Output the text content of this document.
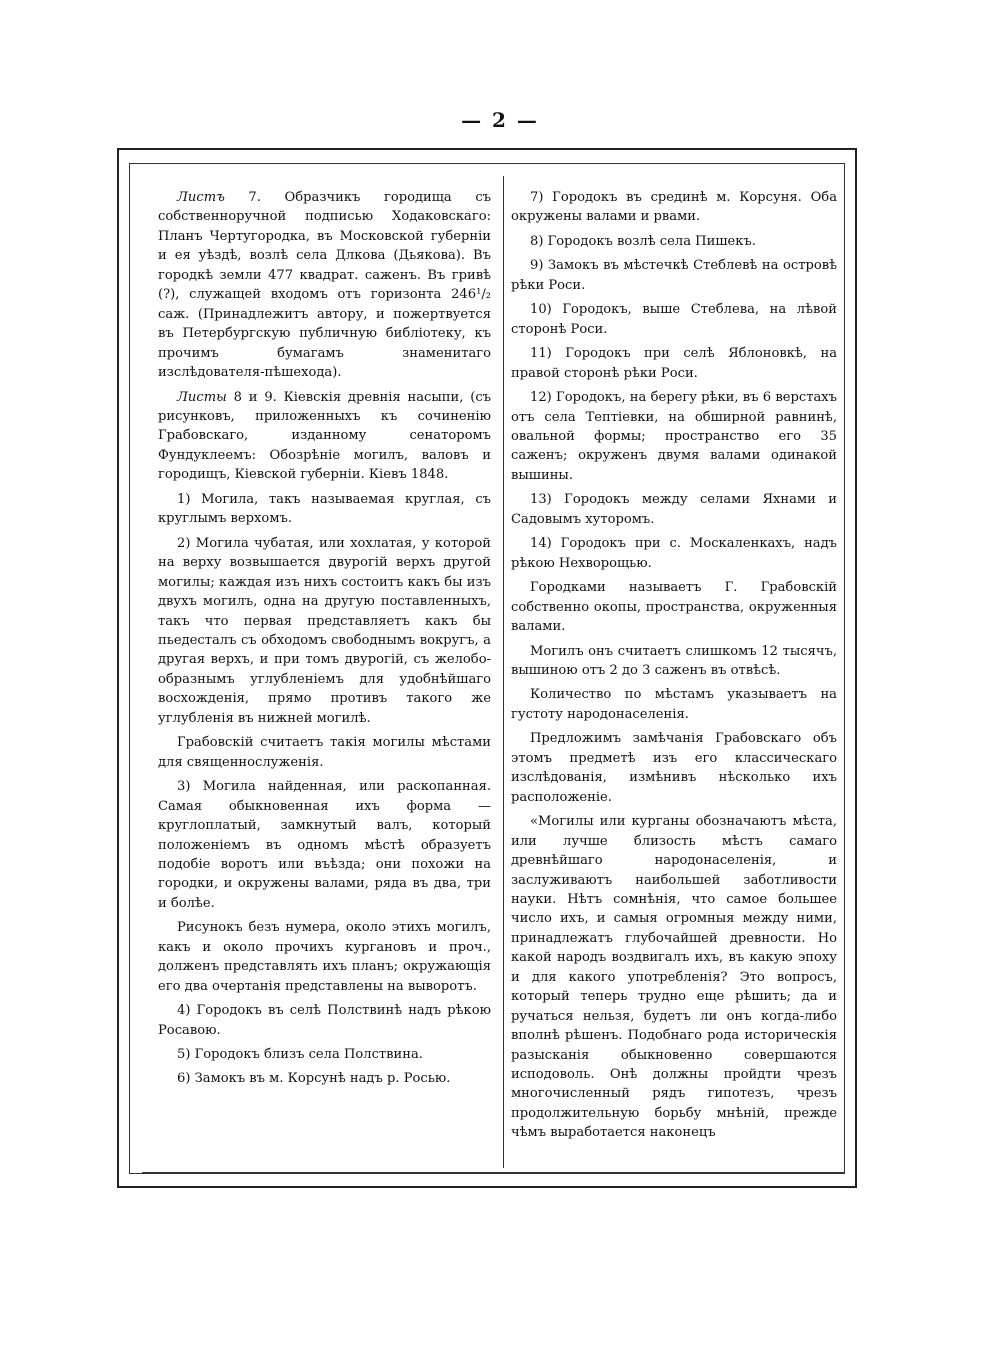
— 2 —

Листъ 7. Образчикъ городища съ собственноручной подписью Ходаковскаго: Планъ Чертугородка, въ Московской губерніи и ея уѣздѣ, возлѣ села Длкова (Дьякова). Въ городкѣ земли 477 квадрат. саженъ. Въ гривѣ (?), служащей входомъ отъ горизонта 246¹/₂ саж. (Принадлежитъ автору, и пожертвуется въ Петербургскую публичную библіотеку, къ прочимъ бумагамъ знаменитаго изслѣдователя-пѣшехода).

Листы 8 и 9. Кіевскія древнія насыпи, (съ рисунковъ, приложенныхъ къ сочиненію Грабовскаго, изданному сенаторомъ Фундуклеемъ: Обозрѣніе могилъ, валовъ и городищъ, Кіевской губерніи. Кіевъ 1848.

1) Могила, такъ называемая круглая, съ круглымъ верхомъ.

2) Могила чубатая, или хохлатая, у которой на верху возвышается двурогій верхъ другой могилы; каждая изъ нихъ состоитъ какъ бы изъ двухъ могилъ, одна на другую поставленныхъ, такъ что первая представляетъ какъ бы пьедесталъ съ обходомъ свободнымъ вокругъ, а другая верхъ, и при томъ двурогій, съ желобо-образнымъ углубленіемъ для удобнѣйшаго восхожденія, прямо противъ такого же углубленія въ нижней могилѣ.

Грабовскій считаетъ такія могилы мѣстами для священнослуженія.

3) Могила найденная, или раскопанная. Самая обыкновенная ихъ форма — круглоплатый, замкнутый валъ, который положеніемъ въ одномъ мѣстѣ образуетъ подобіе воротъ или въѣзда; они похожи на городки, и окружены валами, ряда въ два, три и болѣе.

Рисунокъ безъ нумера, около этихъ могилъ, какъ и около прочихъ кургановъ и проч., долженъ представлять ихъ планъ; окружающія его два очертанія представлены на выворотъ.

4) Городокъ въ селѣ Полствинѣ надъ рѣкою Росавою.

5) Городокъ близъ села Полствина.

6) Замокъ въ м. Корсунѣ надъ р. Росью.

7) Городокъ въ срединѣ м. Корсуня. Оба окружены валами и рвами.

8) Городокъ возлѣ села Пишекъ.

9) Замокъ въ мѣстечкѣ Стеблевѣ на островѣ рѣки Роси.

10) Городокъ, выше Стеблева, на лѣвой сторонѣ Роси.

11) Городокъ при селѣ Яблоновкѣ, на правой сторонѣ рѣки Роси.

12) Городокъ, на берегу рѣки, въ 6 верстахъ отъ села Тептіевки, на обширной равнинѣ, овальной формы; пространство его 35 саженъ; окруженъ двумя валами одинакой вышины.

13) Городокъ между селами Яхнами и Садовымъ хуторомъ.

14) Городокъ при с. Москаленкахъ, надъ рѣкою Нехворощью.

Городками называетъ Г. Грабовскій собственно окопы, пространства, окруженныя валами.

Могилъ онъ считаетъ слишкомъ 12 тысячъ, вышиною отъ 2 до 3 саженъ въ отвѣсѣ.

Количество по мѣстамъ указываетъ на густоту народонаселенія.

Предложимъ замѣчанія Грабовскаго объ этомъ предметѣ изъ его классическаго изслѣдованія, измѣнивъ нѣсколько ихъ расположеніе.

«Могилы или курганы обозначаютъ мѣста, или лучше близость мѣстъ самаго древнѣйшаго народонаселенія, и заслуживаютъ наибольшей заботливости науки. Нѣтъ сомнѣнія, что самое большее число ихъ, и самыя огромныя между ними, принадлежатъ глубочайшей древности. Но какой народъ воздвигалъ ихъ, въ какую эпоху и для какого употребленія? Это вопросъ, который теперь трудно еще рѣшить; да и ручаться нельзя, будетъ ли онъ когда-либо вполнѣ рѣшенъ. Подобнаго рода историческія разысканія обыкновенно совершаются исподоволь. Онѣ должны пройдти чрезъ многочисленный рядъ гипотезъ, чрезъ продолжительную борьбу мнѣній, прежде чѣмъ выработается наконецъ
